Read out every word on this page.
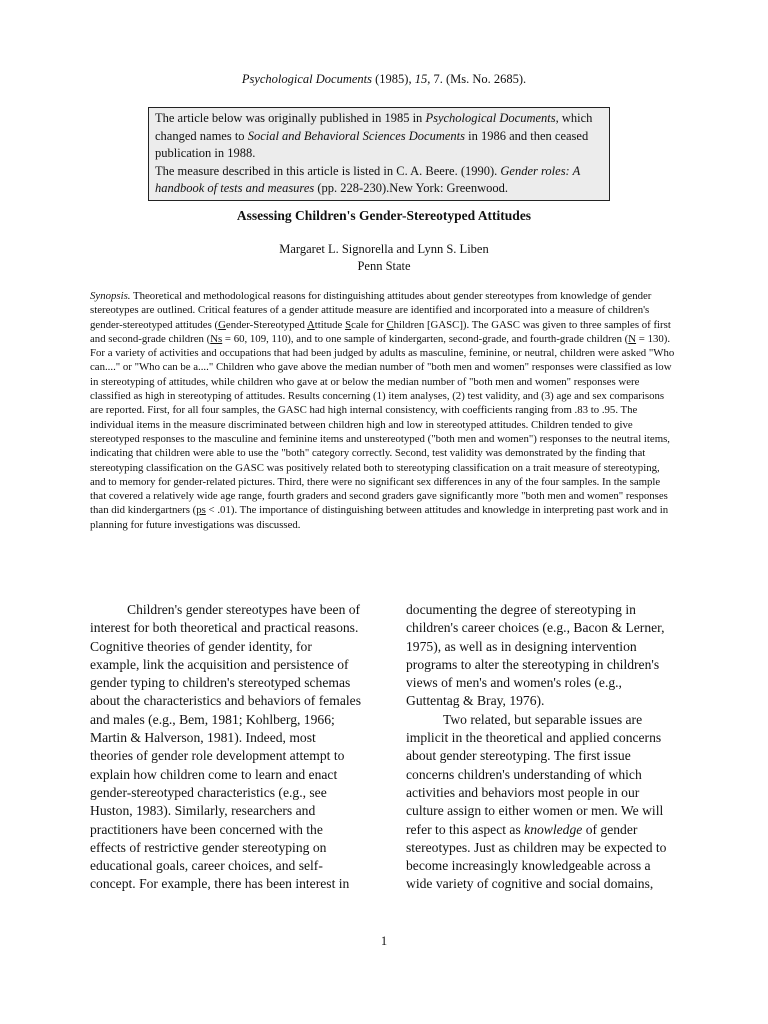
Psychological Documents (1985), 15, 7. (Ms. No. 2685).
The article below was originally published in 1985 in Psychological Documents, which changed names to Social and Behavioral Sciences Documents in 1986 and then ceased publication in 1988.
The measure described in this article is listed in C. A. Beere. (1990). Gender roles: A handbook of tests and measures (pp. 228-230).New York: Greenwood.
Assessing Children's Gender-Stereotyped Attitudes
Margaret L. Signorella and Lynn S. Liben
Penn State
Synopsis. Theoretical and methodological reasons for distinguishing attitudes about gender stereotypes from knowledge of gender stereotypes are outlined. Critical features of a gender attitude measure are identified and incorporated into a measure of children's gender-stereotyped attitudes (Gender-Stereotyped Attitude Scale for Children [GASC]). The GASC was given to three samples of first and second-grade children (Ns = 60, 109, 110), and to one sample of kindergarten, second-grade, and fourth-grade children (N = 130). For a variety of activities and occupations that had been judged by adults as masculine, feminine, or neutral, children were asked "Who can...." or "Who can be a...." Children who gave above the median number of "both men and women" responses were classified as low in stereotyping of attitudes, while children who gave at or below the median number of "both men and women" responses were classified as high in stereotyping of attitudes. Results concerning (1) item analyses, (2) test validity, and (3) age and sex comparisons are reported. First, for all four samples, the GASC had high internal consistency, with coefficients ranging from .83 to .95. The individual items in the measure discriminated between children high and low in stereotyped attitudes. Children tended to give stereotyped responses to the masculine and feminine items and unstereotyped ("both men and women") responses to the neutral items, indicating that children were able to use the "both" category correctly. Second, test validity was demonstrated by the finding that stereotyping classification on the GASC was positively related both to stereotyping classification on a trait measure of stereotyping, and to memory for gender-related pictures. Third, there were no significant sex differences in any of the four samples. In the sample that covered a relatively wide age range, fourth graders and second graders gave significantly more "both men and women" responses than did kindergartners (ps < .01). The importance of distinguishing between attitudes and knowledge in interpreting past work and in planning for future investigations was discussed.

Children's gender stereotypes have been of interest for both theoretical and practical reasons. Cognitive theories of gender identity, for example, link the acquisition and persistence of gender typing to children's stereotyped schemas about the characteristics and behaviors of females and males (e.g., Bem, 1981; Kohlberg, 1966; Martin & Halverson, 1981). Indeed, most theories of gender role development attempt to explain how children come to learn and enact gender-stereotyped characteristics (e.g., see Huston, 1983). Similarly, researchers and practitioners have been concerned with the effects of restrictive gender stereotyping on educational goals, career choices, and self-concept. For example, there has been interest in

documenting the degree of stereotyping in children's career choices (e.g., Bacon & Lerner, 1975), as well as in designing intervention programs to alter the stereotyping in children's views of men's and women's roles (e.g., Guttentag & Bray, 1976).

Two related, but separable issues are implicit in the theoretical and applied concerns about gender stereotyping. The first issue concerns children's understanding of which activities and behaviors most people in our culture assign to either women or men. We will refer to this aspect as knowledge of gender stereotypes. Just as children may be expected to become increasingly knowledgeable across a wide variety of cognitive and social domains,

1
